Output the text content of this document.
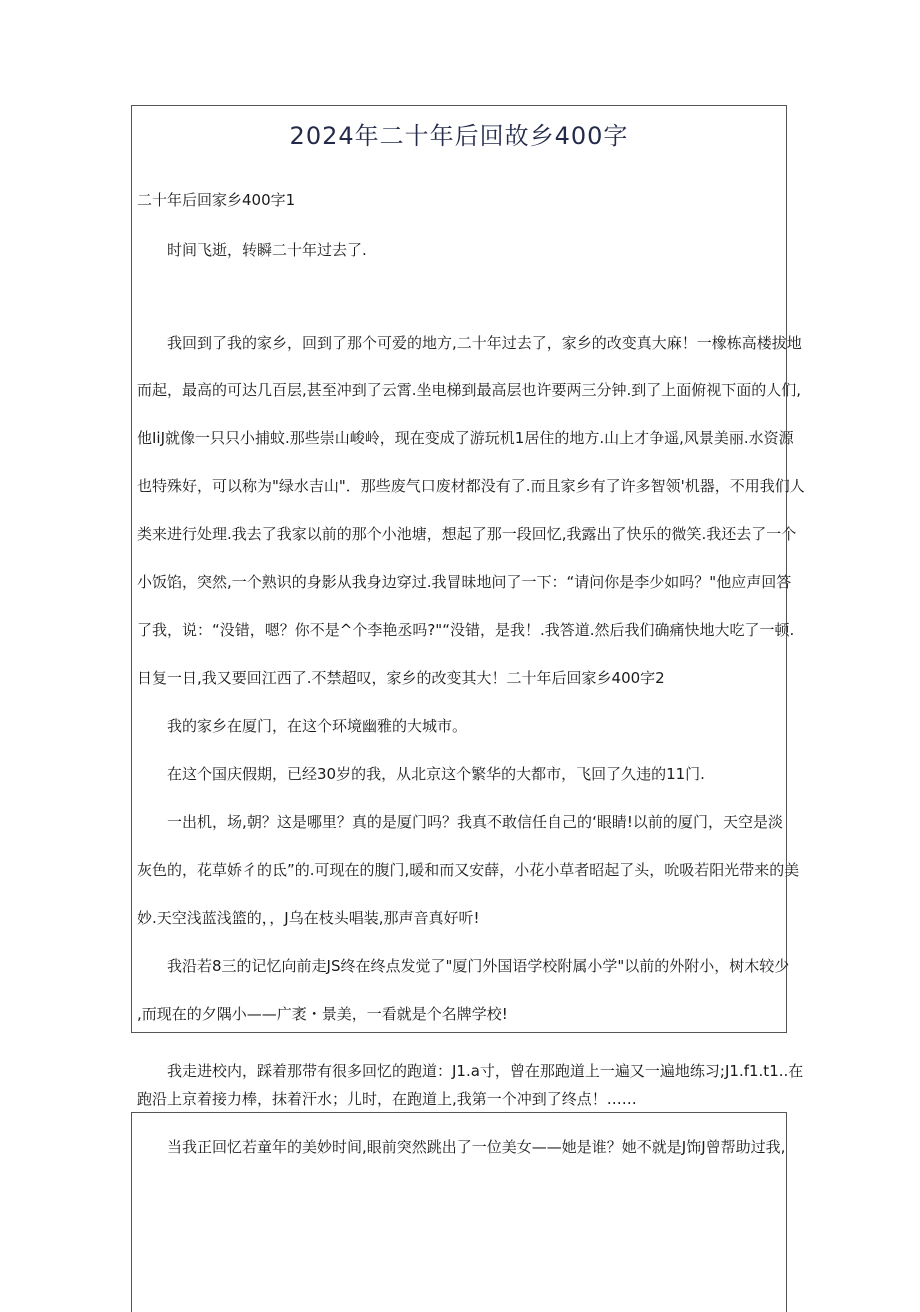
2024年二十年后回故乡400字
二十年后回家乡400字1
时间飞逝，转瞬二十年过去了.
我回到了我的家乡，回到了那个可爱的地方,二十年过去了，家乡的改变真大麻！一橡栋高楼拔地
而起，最高的可达几百层,甚至冲到了云霄.坐电梯到最高层也许要两三分钟.到了上面俯视下面的人们,
他IiJ就像一只只小捕蚊.那些崇山峻岭，现在变成了游玩机1居住的地方.山上才争遥,风景美丽.水资源
也特殊好，可以称为"绿水吉山"．那些废气口废材都没有了.而且家乡有了许多智领'机器，不用我们人
类来进行处理.我去了我家以前的那个小池塘，想起了那一段回忆,我露出了快乐的微笑.我还去了一个
小饭馅，突然,一个熟识的身影从我身边穿过.我冒昧地问了一下：“请问你是李少如吗？"他应声回答
了我，说：“没错，嗯？你不是^个李艳丞吗?"“没错，是我！.我答道.然后我们确痛快地大吃了一顿.
日复一日,我又要回江西了.不禁超叹，家乡的改变其大！二十年后回家乡400字2
我的家乡在厦门，在这个环境幽雅的大城市。
在这个国庆假期，已经30岁的我，从北京这个繁华的大都市，飞回了久违的11门.
一出机，场,朝？这是哪里？真的是厦门吗？我真不敢信任自己的‘眼睛!以前的厦门，天空是淡
灰色的，花草娇彳的氐”的.可现在的腹门,暖和而又安薛，小花小草者昭起了头，吮吸若阳光带来的美
妙.天空浅蓝浅篮的，，J乌在枝头唱装,那声音真好听!
我沿若8三的记忆向前走JS终在终点发觉了"厦门外国语学校附属小学"以前的外附小，树木较少
,而现在的夕隅小——广袤・景美，一看就是个名牌学校!
我走进校内，踩着那带有很多回忆的跑道：J1.a寸，曾在那跑道上一遍又一遍地练习;J1.f1.t1..在
跑沿上京着接力棒，抹着汗水；儿时，在跑道上,我第一个冲到了终点！……
当我正回忆若童年的美妙时间,眼前突然跳出了一位美女——她是谁？她不就是J饰J曾帮助过我,
